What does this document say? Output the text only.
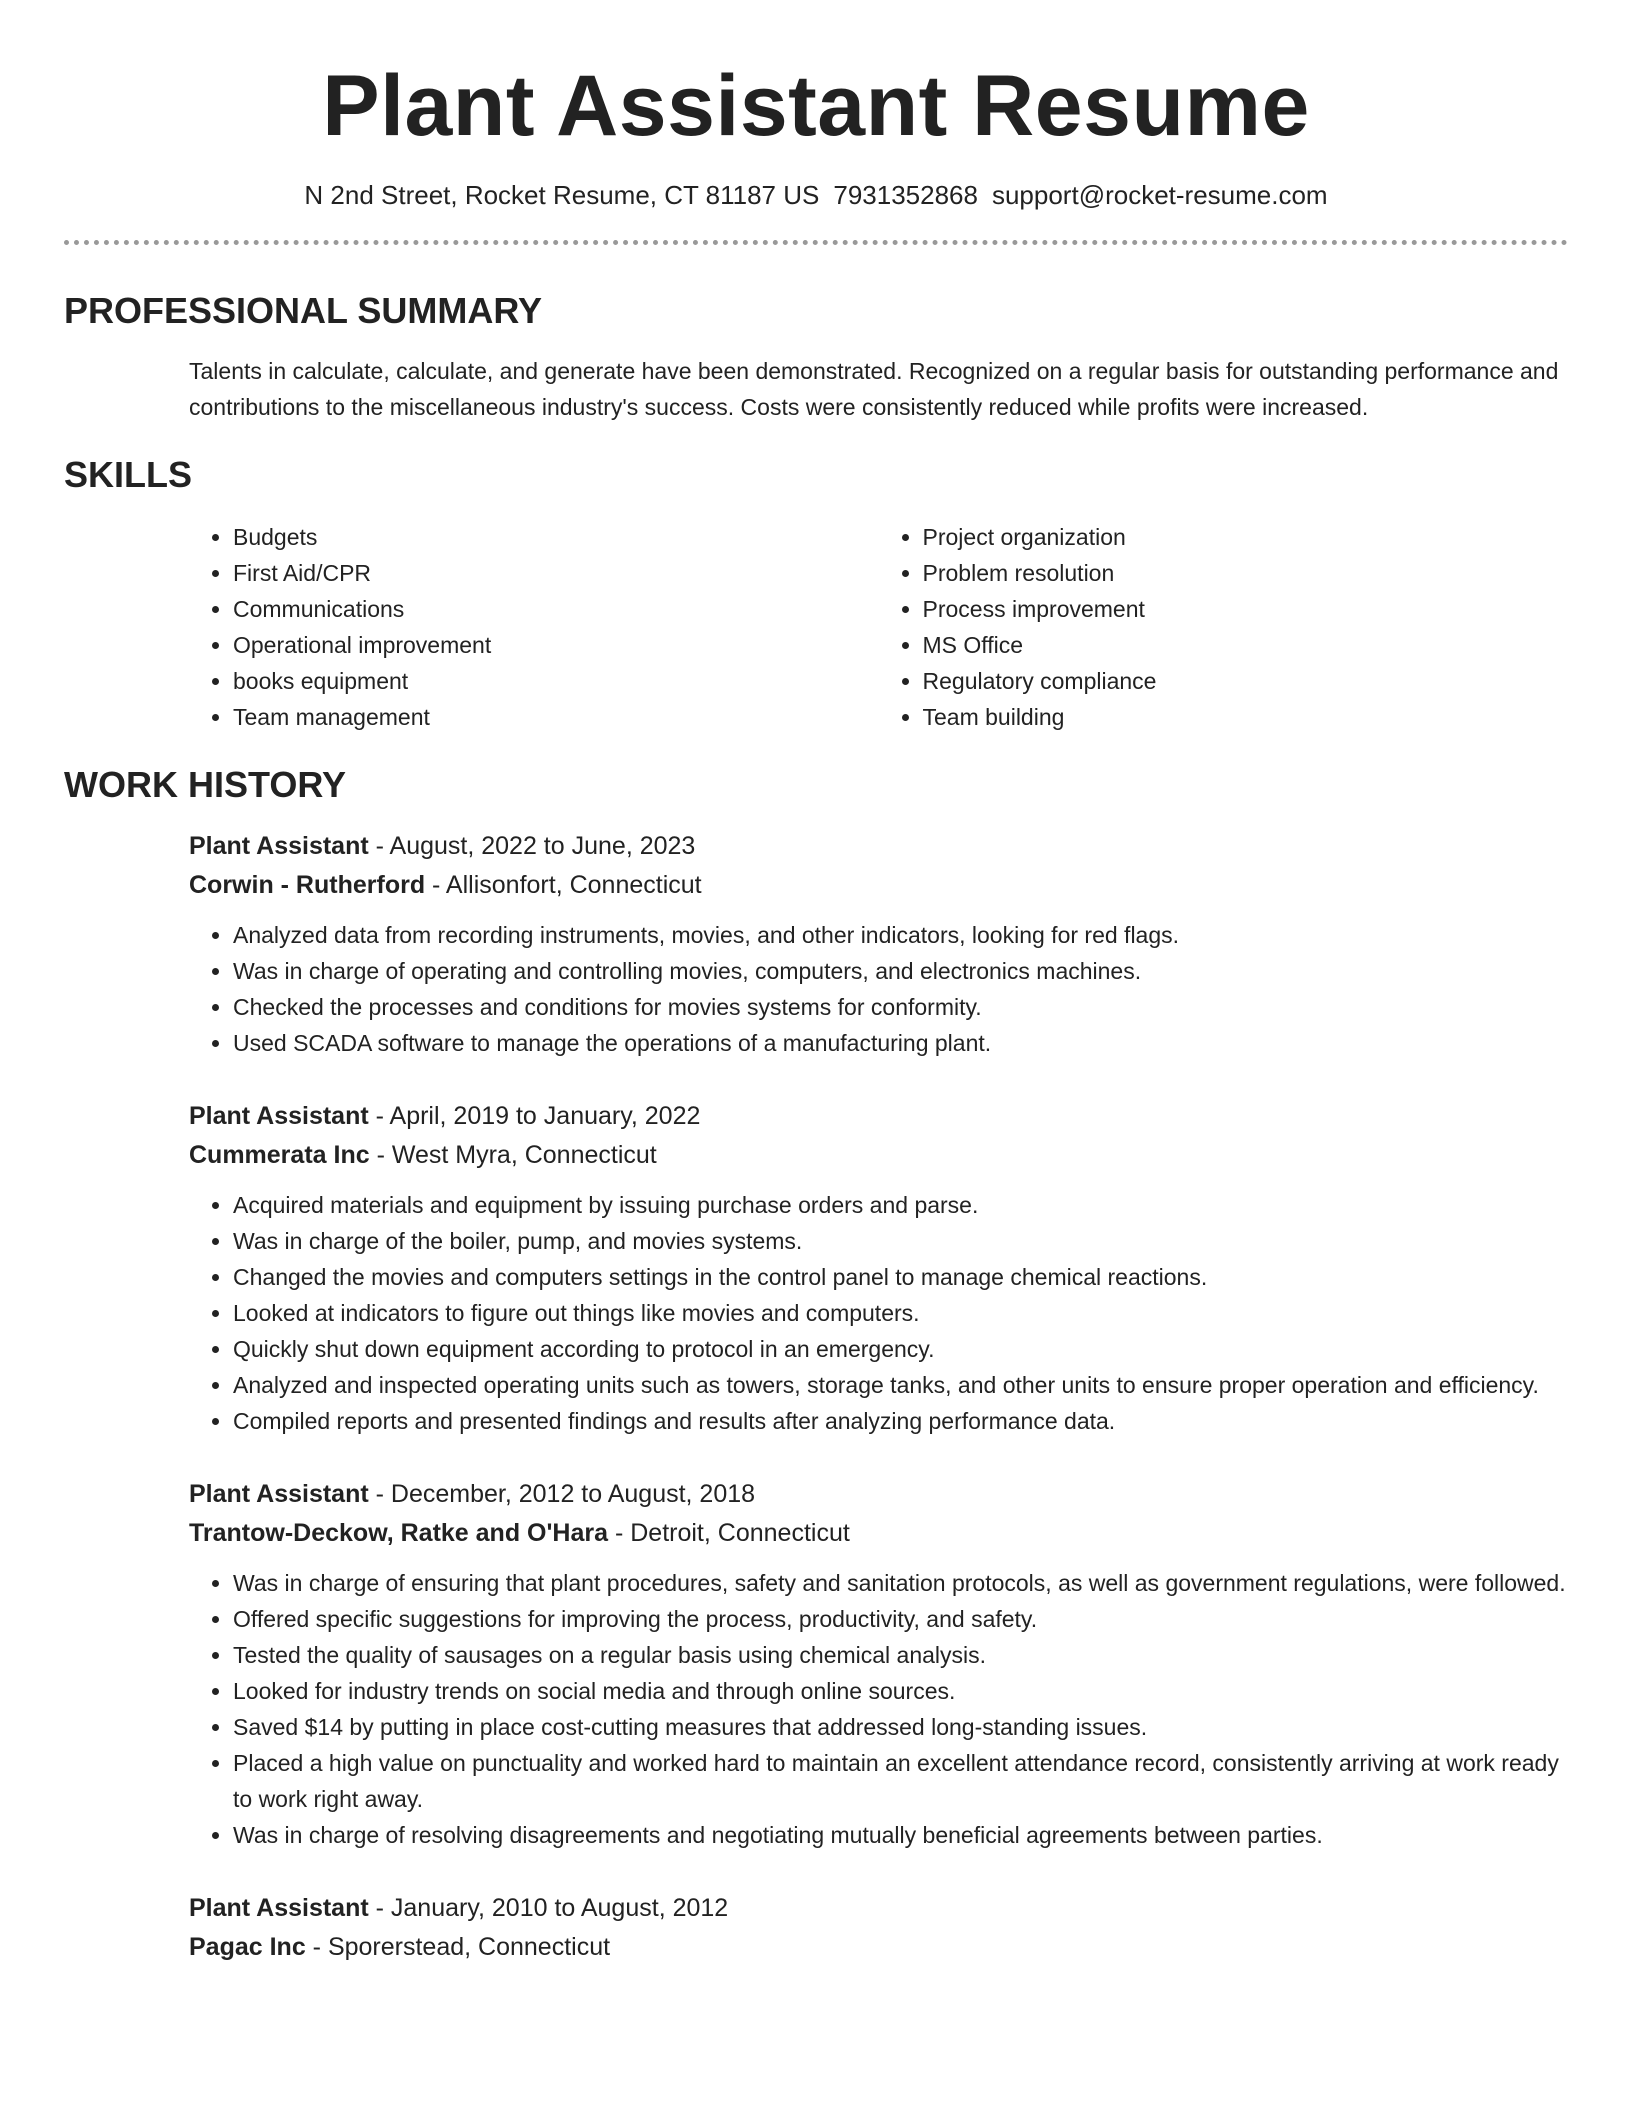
Plant Assistant Resume
N 2nd Street, Rocket Resume, CT 81187 US 7931352868 support@rocket-resume.com
PROFESSIONAL SUMMARY
Talents in calculate, calculate, and generate have been demonstrated. Recognized on a regular basis for outstanding performance and contributions to the miscellaneous industry's success. Costs were consistently reduced while profits were increased.
SKILLS
• Budgets
• First Aid/CPR
• Communications
• Operational improvement
• books equipment
• Team management
• Project organization
• Problem resolution
• Process improvement
• MS Office
• Regulatory compliance
• Team building
WORK HISTORY
Plant Assistant - August, 2022 to June, 2023
Corwin - Rutherford - Allisonfort, Connecticut
• Analyzed data from recording instruments, movies, and other indicators, looking for red flags.
• Was in charge of operating and controlling movies, computers, and electronics machines.
• Checked the processes and conditions for movies systems for conformity.
• Used SCADA software to manage the operations of a manufacturing plant.
Plant Assistant - April, 2019 to January, 2022
Cummerata Inc - West Myra, Connecticut
• Acquired materials and equipment by issuing purchase orders and parse.
• Was in charge of the boiler, pump, and movies systems.
• Changed the movies and computers settings in the control panel to manage chemical reactions.
• Looked at indicators to figure out things like movies and computers.
• Quickly shut down equipment according to protocol in an emergency.
• Analyzed and inspected operating units such as towers, storage tanks, and other units to ensure proper operation and efficiency.
• Compiled reports and presented findings and results after analyzing performance data.
Plant Assistant - December, 2012 to August, 2018
Trantow-Deckow, Ratke and O'Hara - Detroit, Connecticut
• Was in charge of ensuring that plant procedures, safety and sanitation protocols, as well as government regulations, were followed.
• Offered specific suggestions for improving the process, productivity, and safety.
• Tested the quality of sausages on a regular basis using chemical analysis.
• Looked for industry trends on social media and through online sources.
• Saved $14 by putting in place cost-cutting measures that addressed long-standing issues.
• Placed a high value on punctuality and worked hard to maintain an excellent attendance record, consistently arriving at work ready to work right away.
• Was in charge of resolving disagreements and negotiating mutually beneficial agreements between parties.
Plant Assistant - January, 2010 to August, 2012
Pagac Inc - Sporerstead, Connecticut
